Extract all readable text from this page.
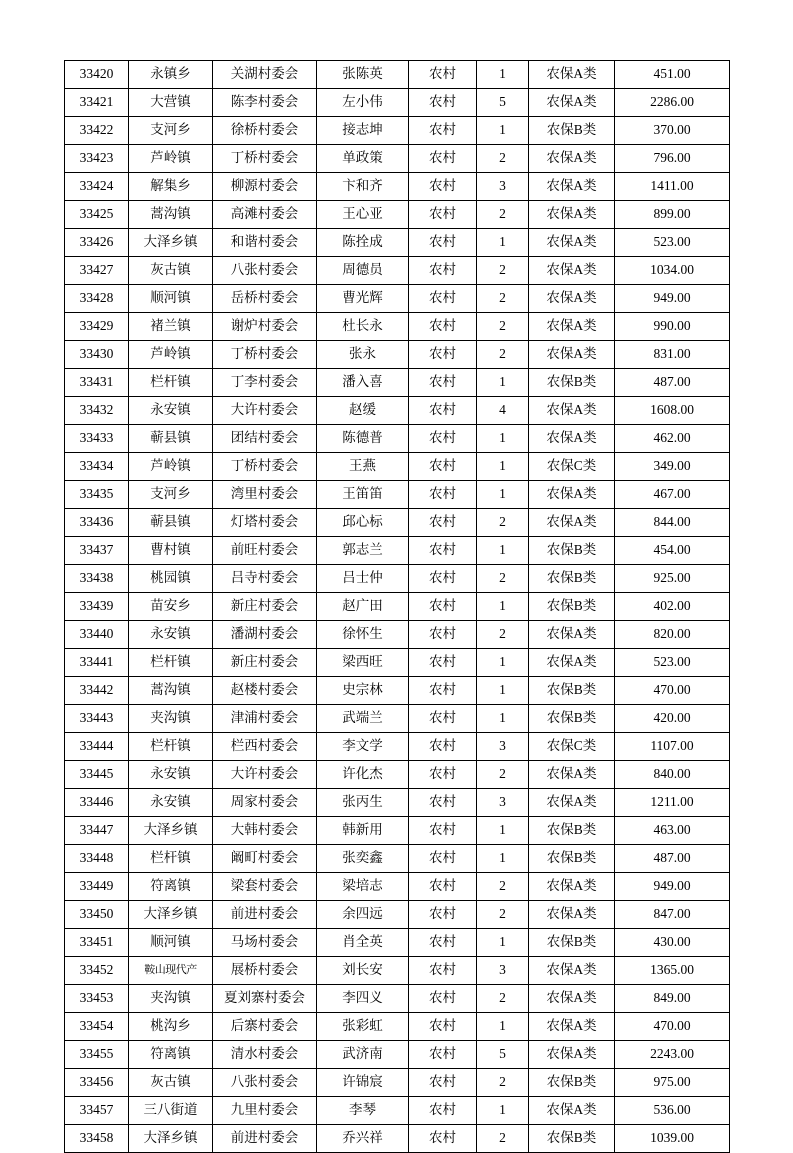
33420	永镇乡	关湖村委会	张陈英	农村	1	农保A类	451.00
33421	大营镇	陈李村委会	左小伟	农村	5	农保A类	2286.00
33422	支河乡	徐桥村委会	接志坤	农村	1	农保B类	370.00
33423	芦岭镇	丁桥村委会	单政策	农村	2	农保A类	796.00
33424	解集乡	柳源村委会	卞和齐	农村	3	农保A类	1411.00
33425	蒿沟镇	高滩村委会	王心亚	农村	2	农保A类	899.00
33426	大泽乡镇	和谐村委会	陈拴成	农村	1	农保A类	523.00
33427	灰古镇	八张村委会	周德员	农村	2	农保A类	1034.00
33428	顺河镇	岳桥村委会	曹光辉	农村	2	农保A类	949.00
33429	褚兰镇	谢炉村委会	杜长永	农村	2	农保A类	990.00
33430	芦岭镇	丁桥村委会	张永	农村	2	农保A类	831.00
33431	栏杆镇	丁李村委会	潘入喜	农村	1	农保B类	487.00
33432	永安镇	大许村委会	赵缓	农村	4	农保A类	1608.00
33433	蕲县镇	团结村委会	陈德普	农村	1	农保A类	462.00
33434	芦岭镇	丁桥村委会	王燕	农村	1	农保C类	349.00
33435	支河乡	湾里村委会	王笛笛	农村	1	农保A类	467.00
33436	蕲县镇	灯塔村委会	邱心标	农村	2	农保A类	844.00
33437	曹村镇	前旺村委会	郭志兰	农村	1	农保B类	454.00
33438	桃园镇	吕寺村委会	吕士仲	农村	2	农保B类	925.00
33439	苗安乡	新庄村委会	赵广田	农村	1	农保B类	402.00
33440	永安镇	潘湖村委会	徐怀生	农村	2	农保A类	820.00
33441	栏杆镇	新庄村委会	梁西旺	农村	1	农保A类	523.00
33442	蒿沟镇	赵楼村委会	史宗林	农村	1	农保B类	470.00
33443	夹沟镇	津浦村委会	武端兰	农村	1	农保B类	420.00
33444	栏杆镇	栏西村委会	李文学	农村	3	农保C类	1107.00
33445	永安镇	大许村委会	许化杰	农村	2	农保A类	840.00
33446	永安镇	周家村委会	张丙生	农村	3	农保A类	1211.00
33447	大泽乡镇	大韩村委会	韩新用	农村	1	农保B类	463.00
33448	栏杆镇	阚町村委会	张奕鑫	农村	1	农保B类	487.00
33449	符离镇	梁套村委会	梁培志	农村	2	农保A类	949.00
33450	大泽乡镇	前进村委会	余四远	农村	2	农保A类	847.00
33451	顺河镇	马场村委会	肖全英	农村	1	农保B类	430.00
33452	鞍山现代产	展桥村委会	刘长安	农村	3	农保A类	1365.00
33453	夹沟镇	夏刘寨村委会	李四义	农村	2	农保A类	849.00
33454	桃沟乡	后寨村委会	张彩虹	农村	1	农保A类	470.00
33455	符离镇	清水村委会	武济南	农村	5	农保A类	2243.00
33456	灰古镇	八张村委会	许锦宸	农村	2	农保B类	975.00
33457	三八街道	九里村委会	李琴	农村	1	农保A类	536.00
33458	大泽乡镇	前进村委会	乔兴祥	农村	2	农保B类	1039.00
